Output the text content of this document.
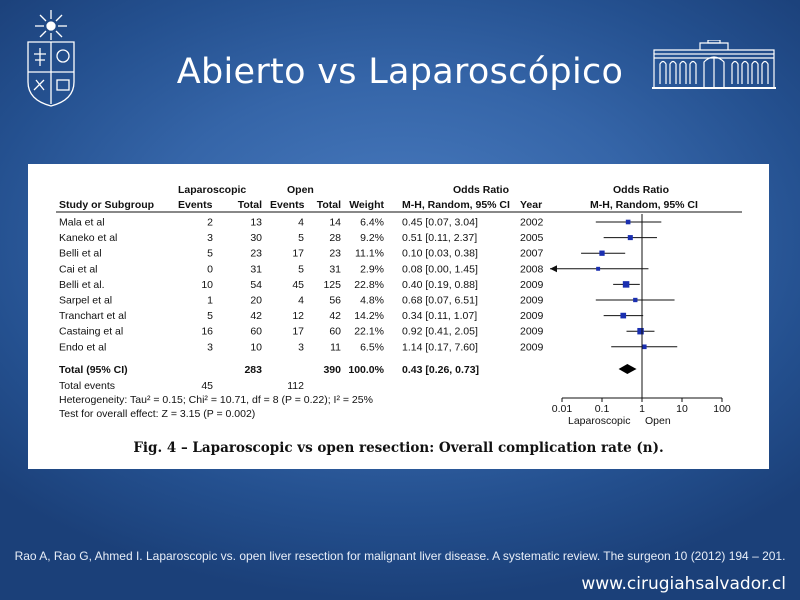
Abierto vs Laparoscópico
Laparoscopic	Open	Odds Ratio	Odds Ratio
Study or Subgroup Events Total Events Total Weight M-H, Random, 95% CI Year	M-H, Random, 95% CI
Mala et al	2	13	4 14 6.4% 0.45 [0.07, 3.04]	2002
Kaneko et al	3	30	5 28 9.2% 0.51 [0.11, 2.37]	2005
Belli et al	5	23	17 23 11.1% 0.10 [0.03, 0.38]	2007
Cai et al	0	31	5 31 2.9% 0.08 [0.00, 1.45]	2008
Belli et al.	10	54	45 125 22.8% 0.40 [0.19, 0.88]	2009
Sarpel et al	1	20	4 56 4.8% 0.68 [0.07, 6.51]	2009
Tranchart et al	5	42	12 42 14.2% 0.34 [0.11, 1.07]	2009
Castaing et al	16	60	17 60 22.1% 0.92 [0.41, 2.05]	2009
Endo et al	3	10	3 11 6.5% 1.14 [0.17, 7.60]	2009
0.01 0.1	1	10 100
Total (95% CI)	283	390 100.0% 0.43 [0.26, 0.73]
Total events	45	112
Heterogeneity: Tau² = 0.15; Chi² = 10.71, df = 8 (P = 0.22); I² = 25%
Test for overall effect: Z = 3.15 (P = 0.002)
Laparoscopic Open
Fig. 4 – Laparoscopic vs open resection: Overall complication rate (n).
Rao A, Rao G, Ahmed I. Laparoscopic vs. open liver resection for malignant liver disease. A systematic review. The surgeon 10 (2012) 194 – 201.
www.cirugiahsalvador.cl
